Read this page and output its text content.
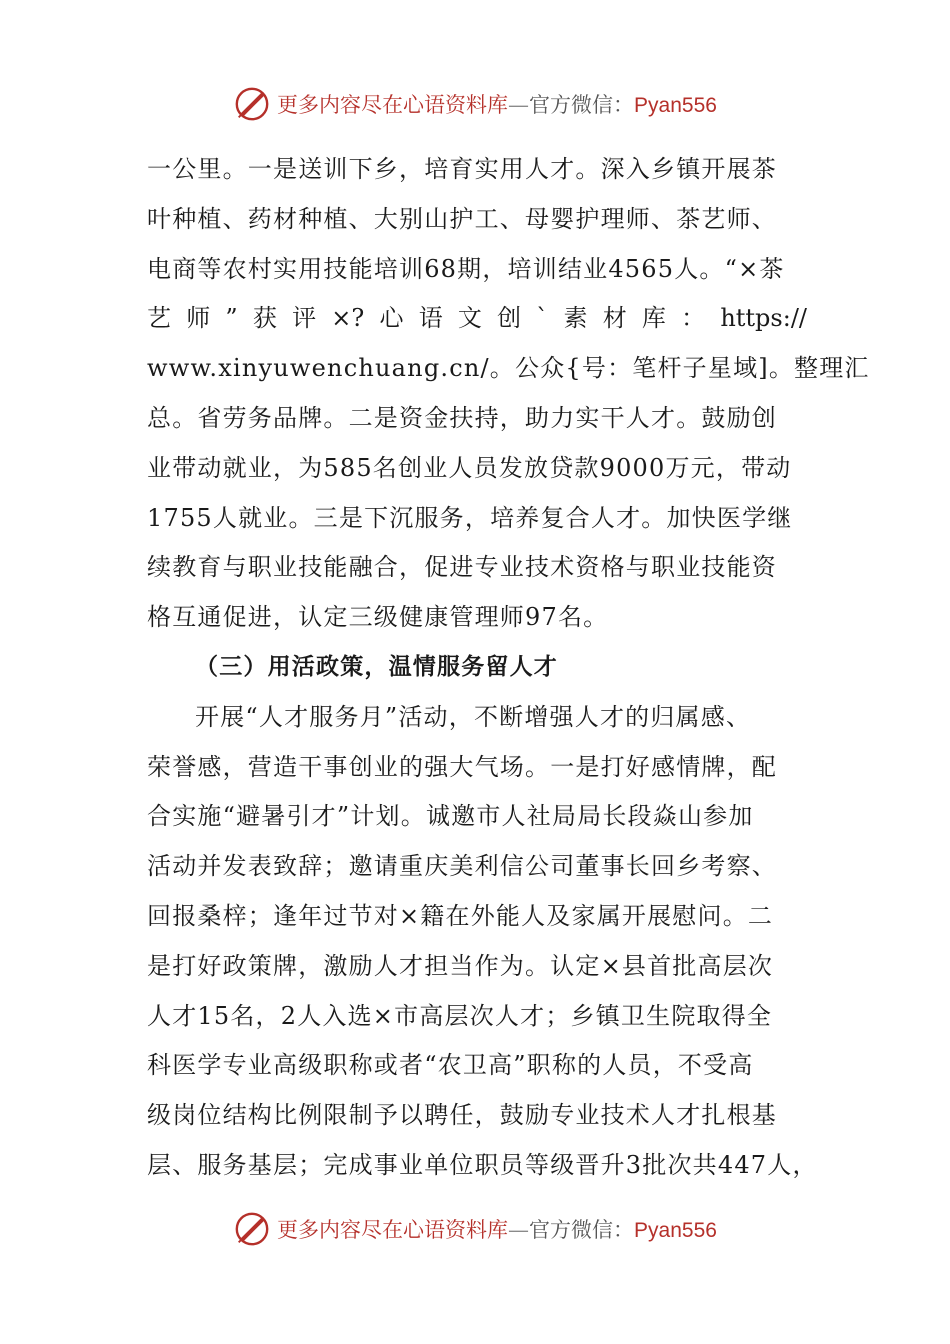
更多内容尽在心语资料库—官方微信：Pyan556
一公里。一是送训下乡，培育实用人才。深入乡镇开展茶
叶种植、药材种植、大别山护工、母婴护理师、茶艺师、
电商等农村实用技能培训68期，培训结业4565人。“×茶
艺 师 ” 获 评 ×? 心 语 文 创 ` 素 材 库 ： https://
www.xinyuwenchuang.cn/。公众{号：笔杆子星域]。整理汇
总。省劳务品牌。二是资金扶持，助力实干人才。鼓励创
业带动就业，为585名创业人员发放贷款9000万元，带动
1755人就业。三是下沉服务，培养复合人才。加快医学继
续教育与职业技能融合，促进专业技术资格与职业技能资
格互通促进，认定三级健康管理师97名。
（三）用活政策，温情服务留人才
开展“人才服务月”活动，不断增强人才的归属感、
荣誉感，营造干事创业的强大气场。一是打好感情牌，配
合实施“避暑引才”计划。诚邀市人社局局长段焱山参加
活动并发表致辞；邀请重庆美利信公司董事长回乡考察、
回报桑梓；逢年过节对×籍在外能人及家属开展慰问。二
是打好政策牌，激励人才担当作为。认定×县首批高层次
人才15名，2人入选×市高层次人才；乡镇卫生院取得全
科医学专业高级职称或者“农卫高”职称的人员，不受高
级岗位结构比例限制予以聘任，鼓励专业技术人才扎根基
层、服务基层；完成事业单位职员等级晋升3批次共447人，
更多内容尽在心语资料库—官方微信：Pyan556
